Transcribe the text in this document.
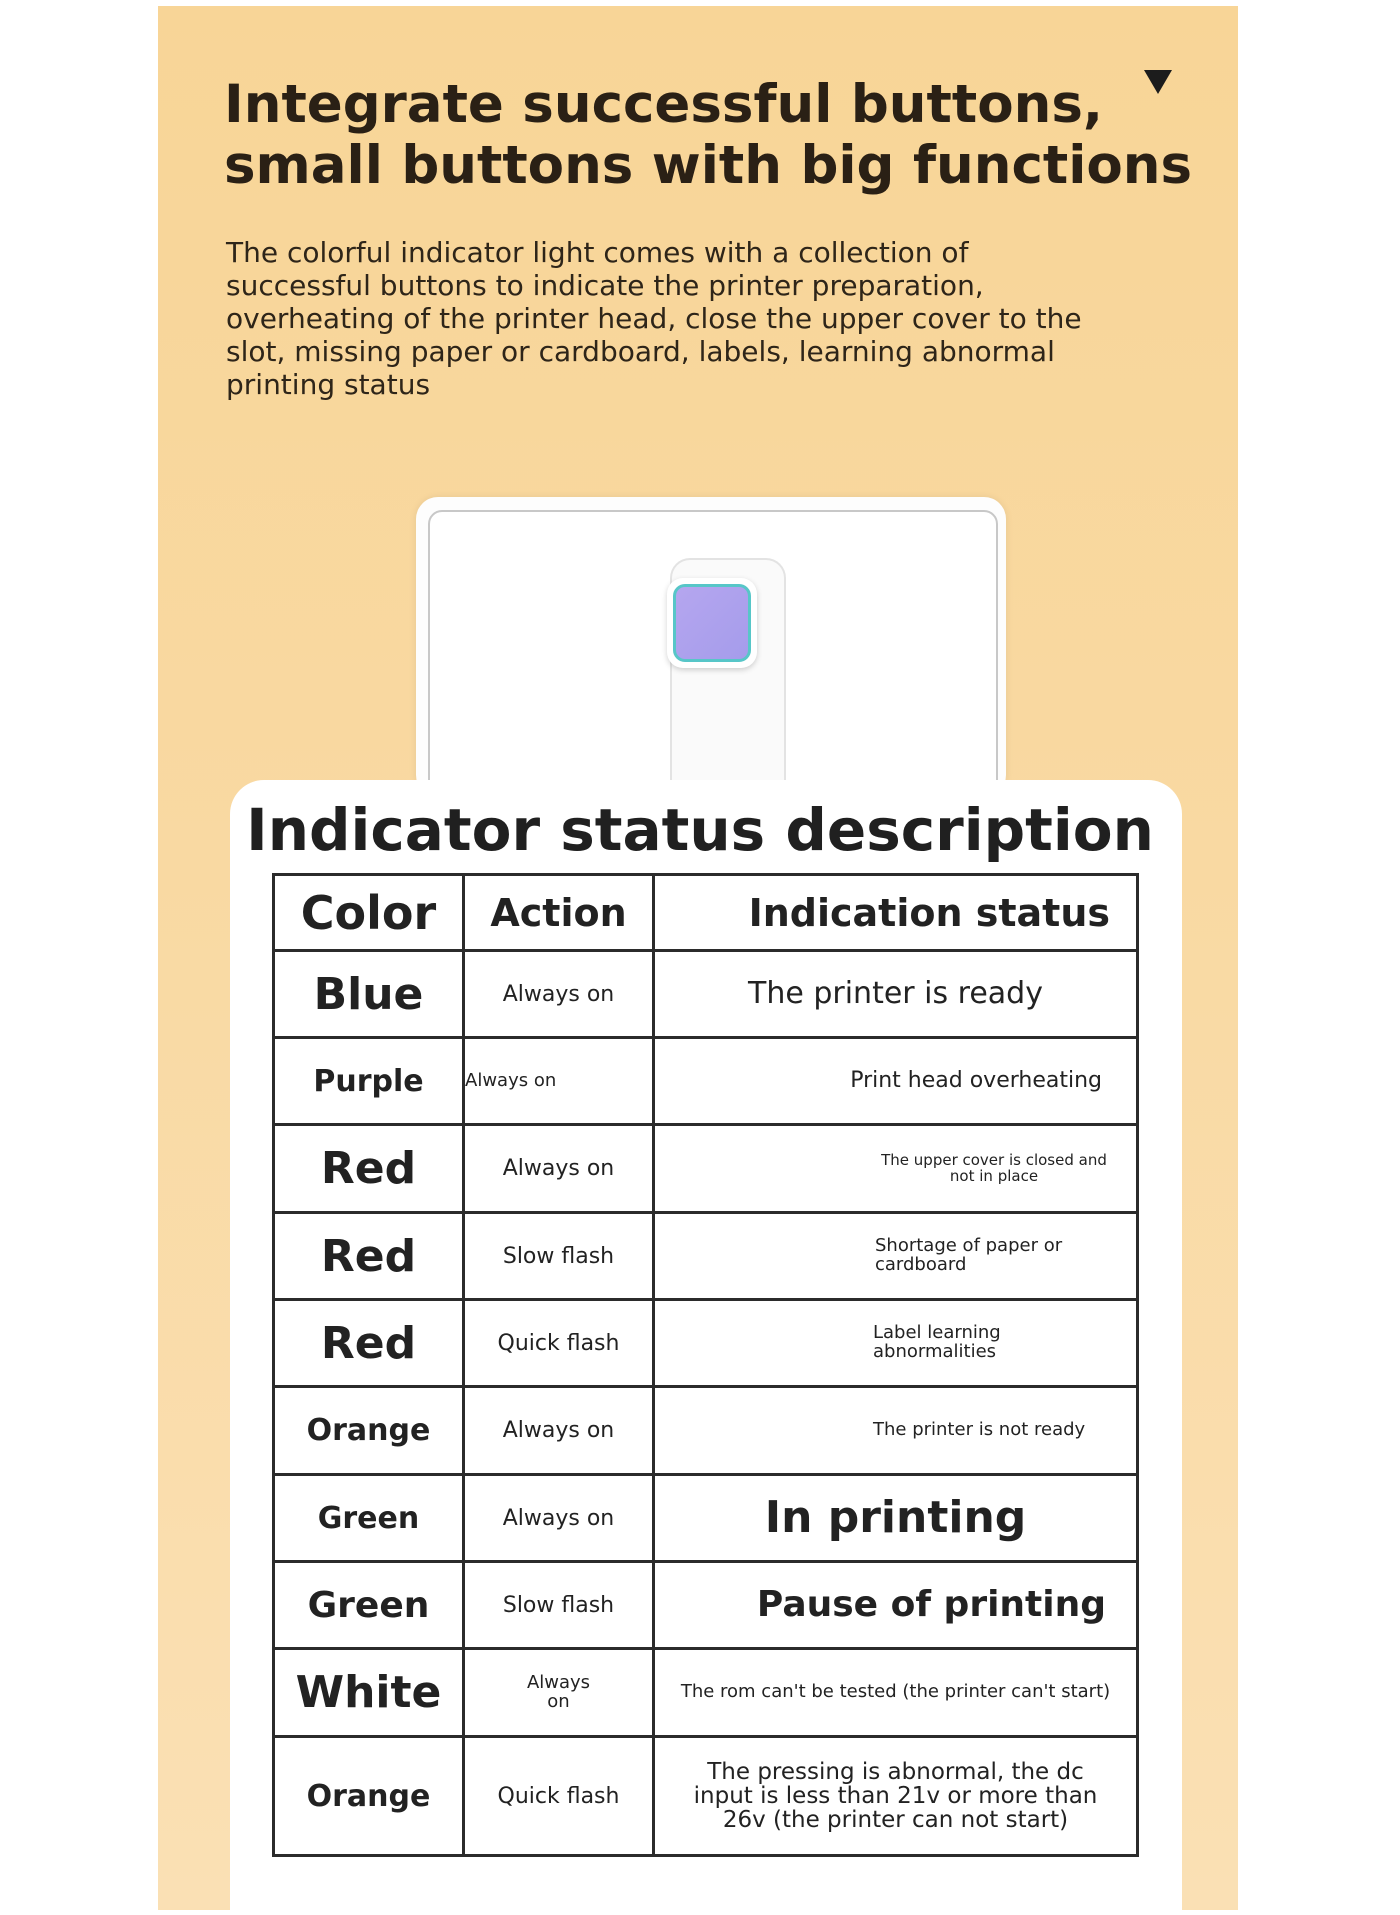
Integrate successful buttons,
small buttons with big functions
The colorful indicator light comes with a collection of
successful buttons to indicate the printer preparation,
overheating of the printer head, close the upper cover to the
slot, missing paper or cardboard, labels, learning abnormal
printing status
Indicator status description
Color	Action	Indication status
Blue	Always on	The printer is ready
Purple	Always on	Print head overheating
Red	Always on	The upper cover is closed and not in place
Red	Slow flash	Shortage of paper or cardboard
Red	Quick flash	Label learning abnormalities
Orange	Always on	The printer is not ready
Green	Always on	In printing
Green	Slow flash	Pause of printing
White	Always on	The rom can't be tested (the printer can't start)
Orange	Quick flash	The pressing is abnormal, the dc input is less than 21v or more than 26v (the printer can not start)
